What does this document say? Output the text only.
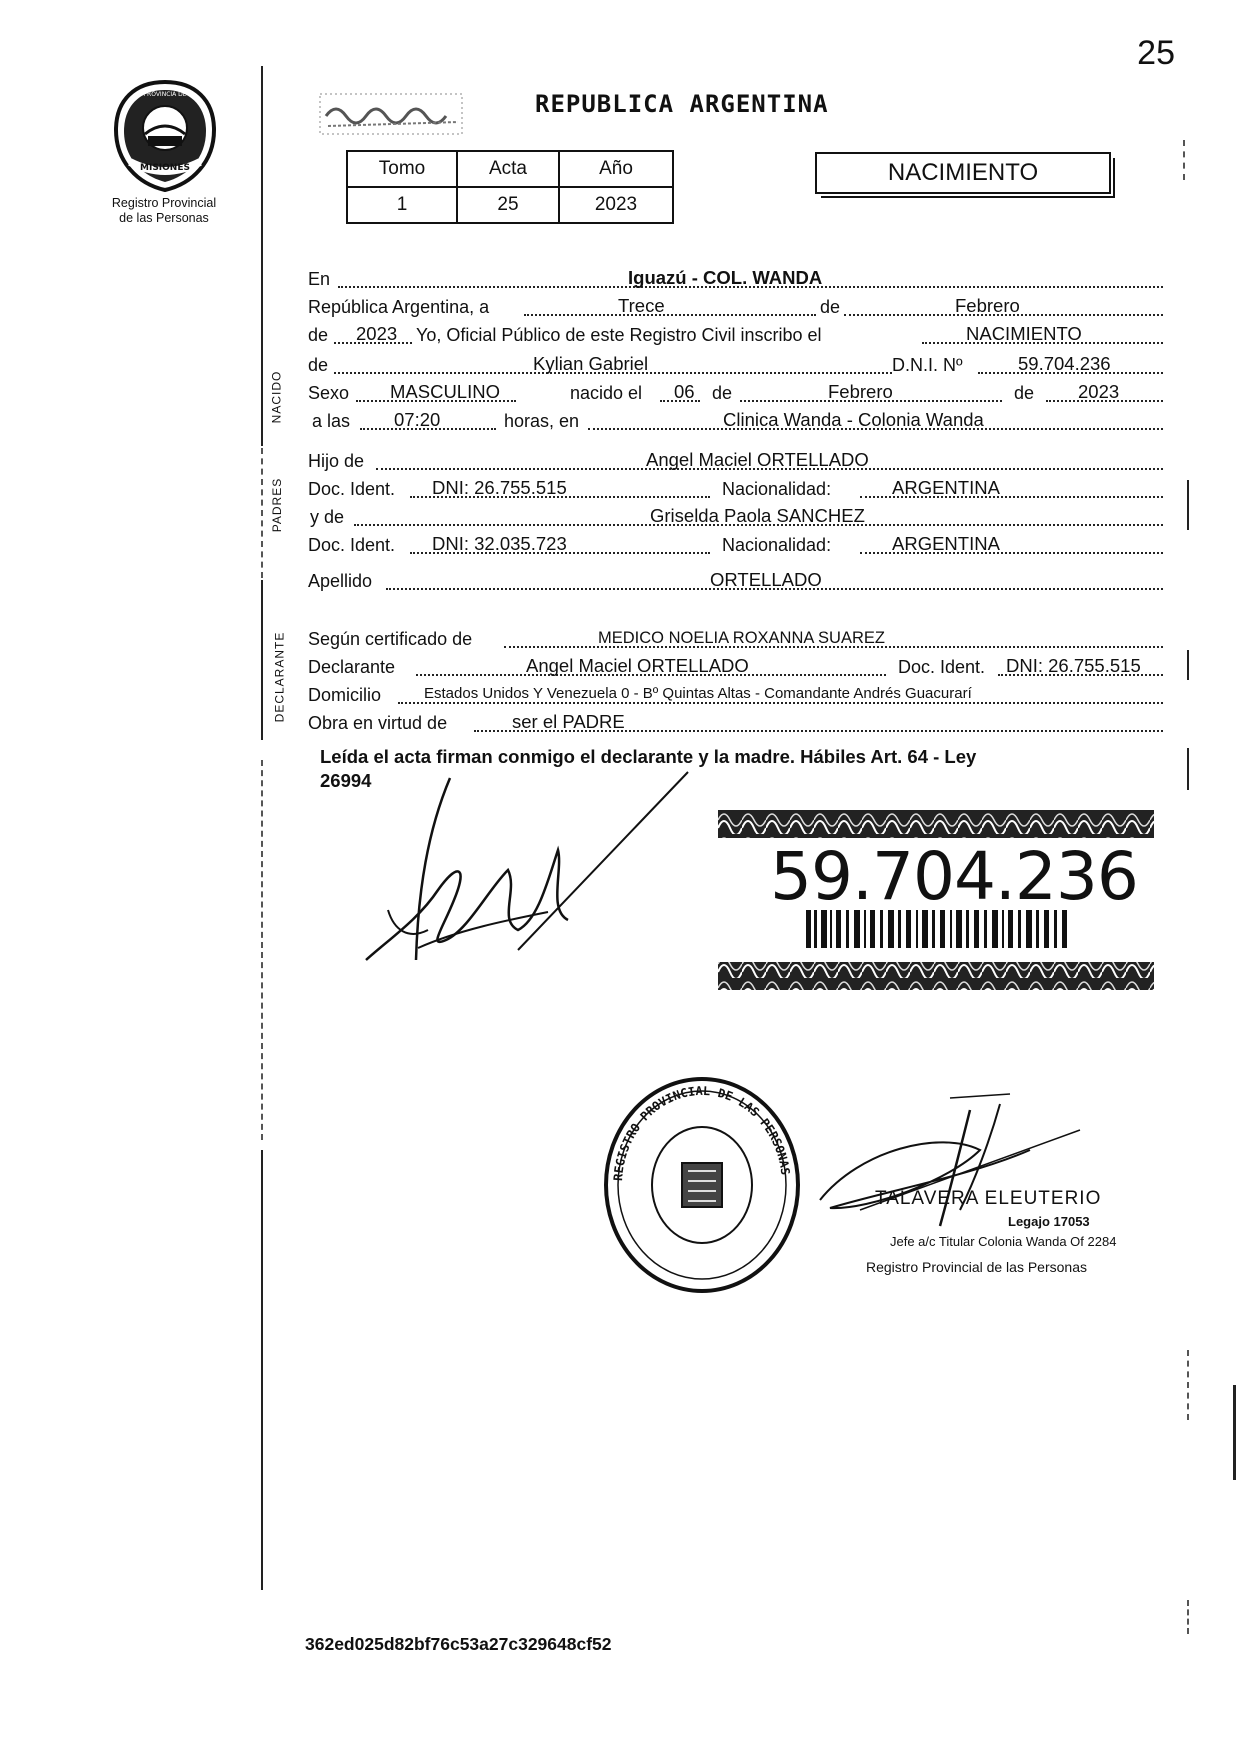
25
MISIONES
PROVINCIA DE
Registro Provincial
de las Personas
REPUBLICA ARGENTINA
Tomo	Acta	Año
1	25	2023
NACIMIENTO
NACIDO
PADRES
DECLARANTE
En	Iguazú - COL. WANDA
República Argentina, a	Trece	de	Febrero
de 2023 Yo, Oficial Público de este Registro Civil inscribo el	NACIMIENTO
de	Kylian Gabriel	D.N.I. Nº	59.704.236
Sexo MASCULINO	nacido el 06 de	Febrero	de 2023
a las 07:20	horas, en	Clinica Wanda - Colonia Wanda
Hijo de	Angel Maciel ORTELLADO
Doc. Ident. DNI: 26.755.515	Nacionalidad:	ARGENTINA
y de	Griselda Paola SANCHEZ
Doc. Ident. DNI: 32.035.723	Nacionalidad:	ARGENTINA
Apellido	ORTELLADO
Según certificado de	MEDICO NOELIA ROXANNA SUAREZ
Declarante	Angel Maciel ORTELLADO	Doc. Ident. DNI: 26.755.515
Domicilio	Estados Unidos Y Venezuela 0 - Bº Quintas Altas - Comandante Andrés Guacurarí
Obra en virtud de	ser el PADRE
Leída el acta firman conmigo el declarante y la madre. Hábiles Art. 64 - Ley
26994
59.704.236
REGISTRO PROVINCIAL DE LAS PERSONAS
TALAVERA ELEUTERIO
Legajo 17053
Jefe a/c Titular Colonia Wanda Of 2284
Registro Provincial de las Personas
362ed025d82bf76c53a27c329648cf52
